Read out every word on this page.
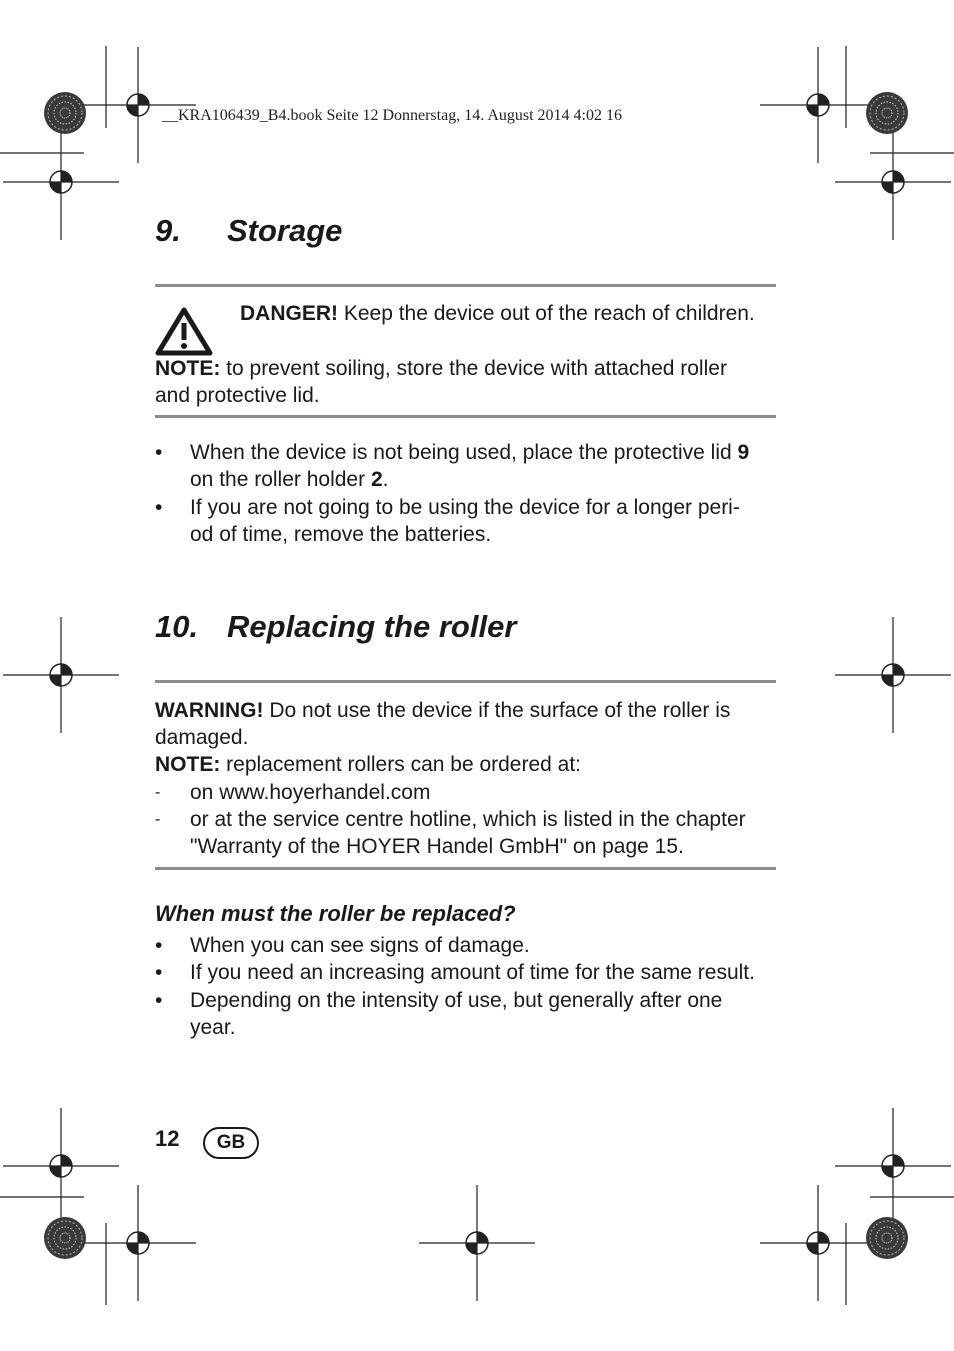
__KRA106439_B4.book Seite 12 Donnerstag, 14. August 2014 4:02 16
9. Storage
DANGER! Keep the device out of the reach of children.
NOTE: to prevent soiling, store the device with attached roller
and protective lid.
•	When the device is not being used, place the protective lid 9
on the roller holder 2.
•	If you are not going to be using the device for a longer peri-
od of time, remove the batteries.
10. Replacing the roller
WARNING! Do not use the device if the surface of the roller is
damaged.
NOTE: replacement rollers can be ordered at:
-	on www.hoyerhandel.com
-	or at the service centre hotline, which is listed in the chapter
"Warranty of the HOYER Handel GmbH" on page 15.
When must the roller be replaced?
•	When you can see signs of damage.
•	If you need an increasing amount of time for the same result.
•	Depending on the intensity of use, but generally after one
year.
12	GB
